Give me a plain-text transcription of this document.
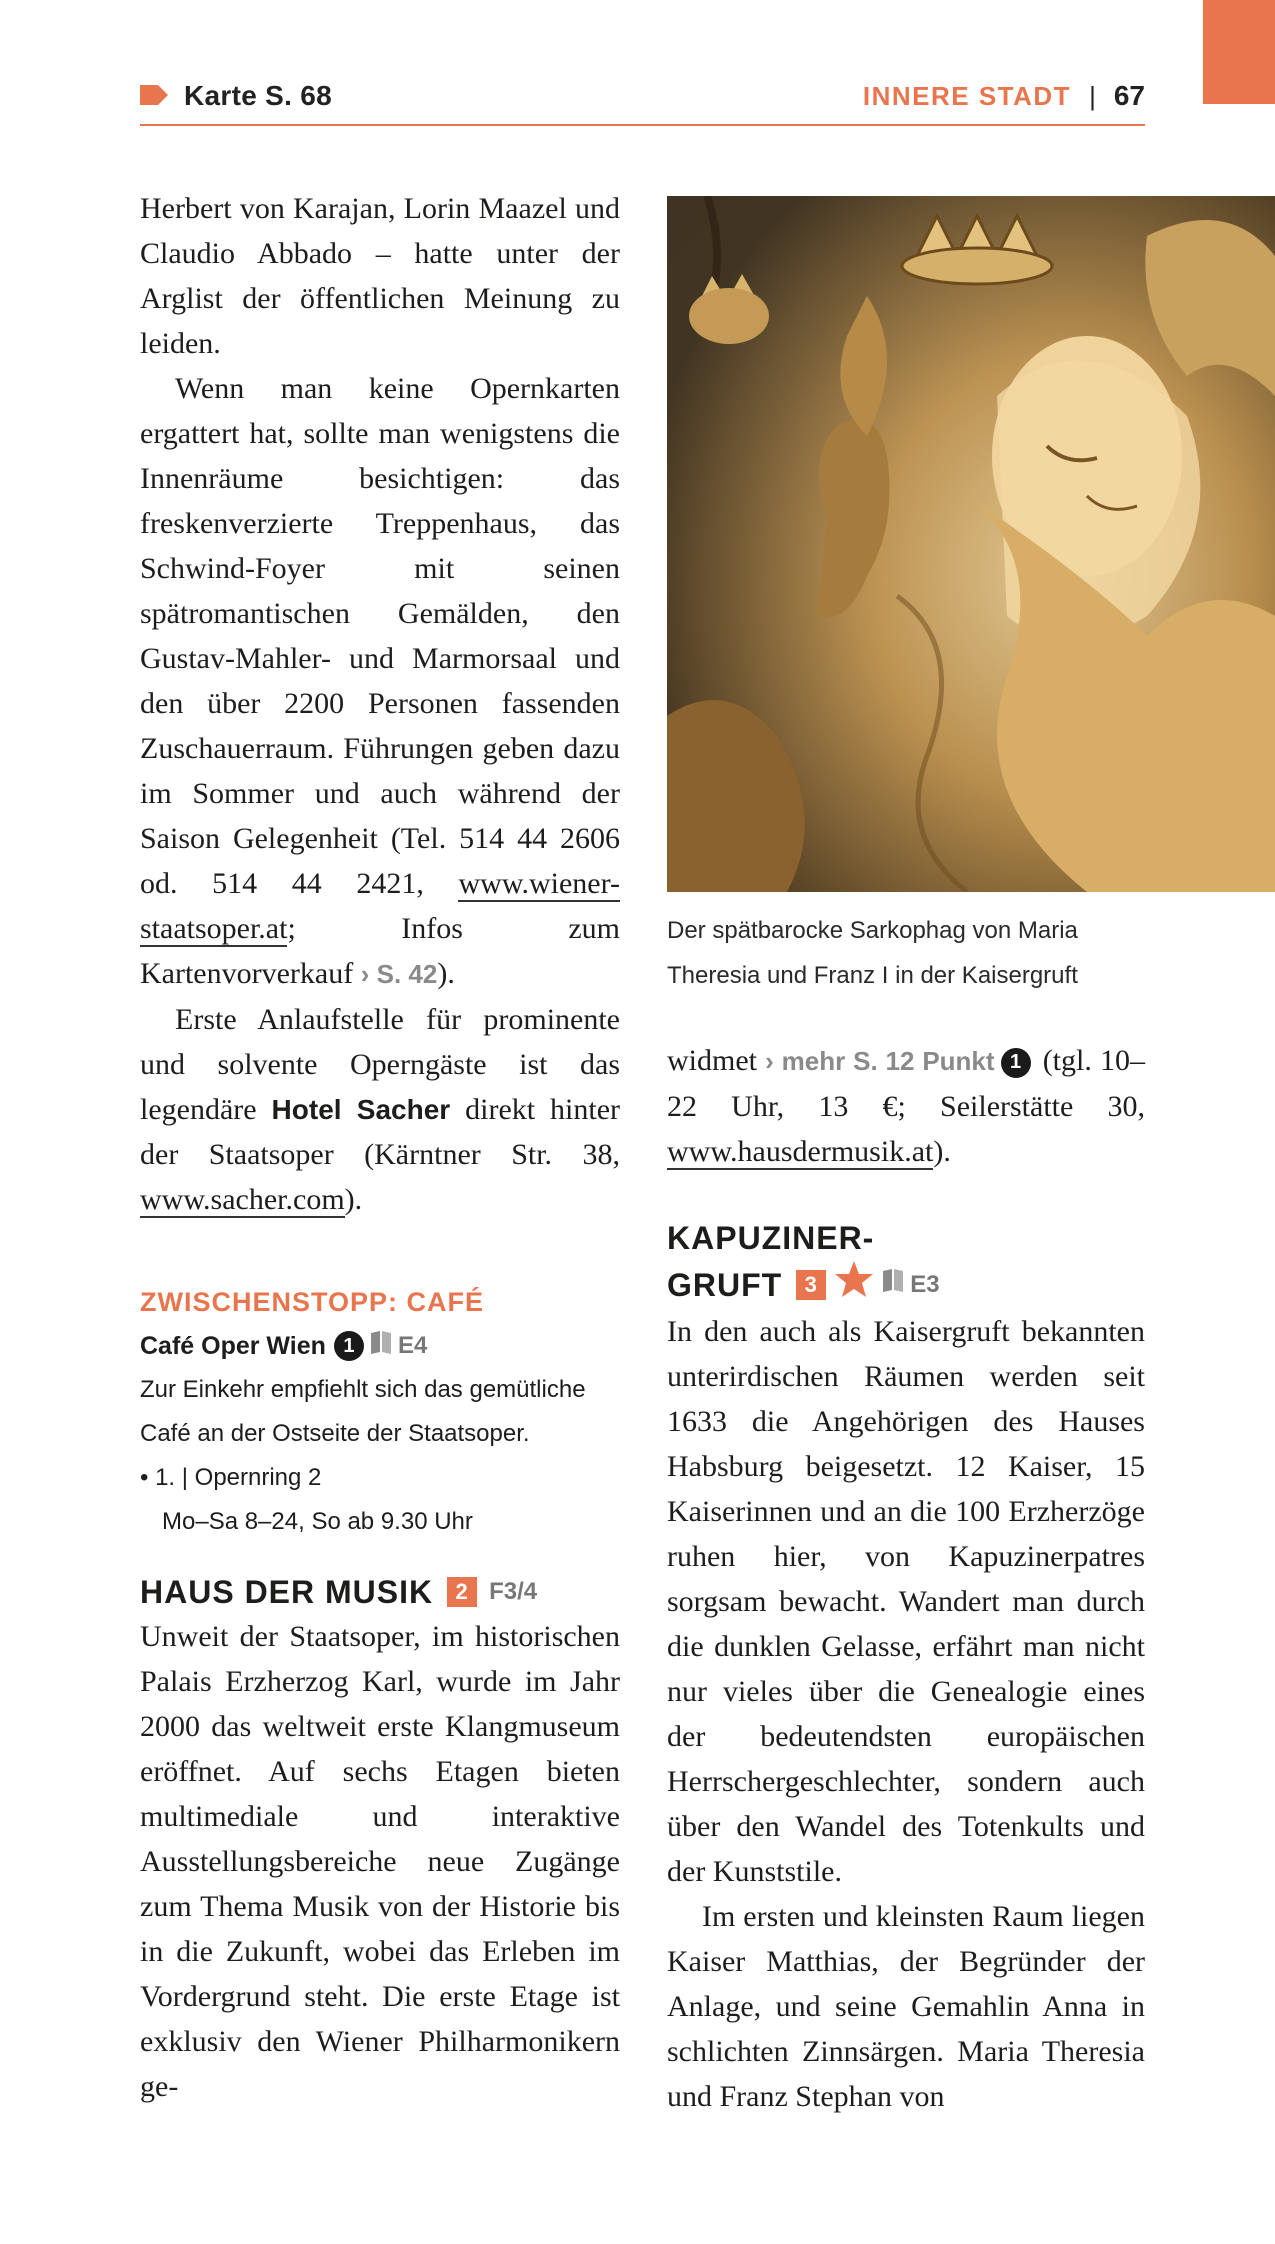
Karte S. 68	INNERE STADT | 67

Herbert von Karajan, Lorin Maazel und Claudio Abbado – hatte unter der Arglist der öffentlichen Meinung zu leiden.

Wenn man keine Opernkarten ergattert hat, sollte man wenigstens die Innenräume besichtigen: das freskenverzierte Treppenhaus, das Schwind-Foyer mit seinen spätromantischen Gemälden, den Gustav-Mahler- und Marmorsaal und den über 2200 Personen fassenden Zuschauerraum. Führungen geben dazu im Sommer und auch während der Saison Gelegenheit (Tel. 514 44 2606 od. 514 44 2421, www.wiener-staatsoper.at; Infos zum Kartenvorverkauf › S. 42).

Erste Anlaufstelle für prominente und solvente Operngäste ist das legendäre Hotel Sacher direkt hinter der Staatsoper (Kärntner Str. 38, www.sacher.com).

ZWISCHENSTOPP: CAFÉ
Café Oper Wien 1	E4
Zur Einkehr empfiehlt sich das gemütliche
Café an der Ostseite der Staatsoper.
• 1. | Opernring 2
Mo–Sa 8–24, So ab 9.30 Uhr
HAUS DER MUSIK	2 F3/4

Unweit der Staatsoper, im historischen Palais Erzherzog Karl, wurde im Jahr 2000 das weltweit erste Klangmuseum eröffnet. Auf sechs Etagen bieten multimediale und interaktive Ausstellungsbereiche neue Zugänge zum Thema Musik von der Historie bis in die Zukunft, wobei das Erleben im Vordergrund steht. Die erste Etage ist exklusiv den Wiener Philharmonikern ge-

Der spätbarocke Sarkophag von Maria Theresia und Franz I in der Kaisergruft

widmet › mehr S. 12 Punkt 1 (tgl. 10–22 Uhr, 13 €; Seilerstätte 30, www.hausdermusik.at).

KAPUZINER-
GRUFT	3	E3

In den auch als Kaisergruft bekannten unterirdischen Räumen werden seit 1633 die Angehörigen des Hauses Habsburg beigesetzt. 12 Kaiser, 15 Kaiserinnen und an die 100 Erzherzöge ruhen hier, von Kapuzinerpatres sorgsam bewacht. Wandert man durch die dunklen Gelasse, erfährt man nicht nur vieles über die Genealogie eines der bedeutendsten europäischen Herrschergeschlechter, sondern auch über den Wandel des Totenkults und der Kunststile.

Im ersten und kleinsten Raum liegen Kaiser Matthias, der Begründer der Anlage, und seine Gemahlin Anna in schlichten Zinnsärgen. Maria Theresia und Franz Stephan von
